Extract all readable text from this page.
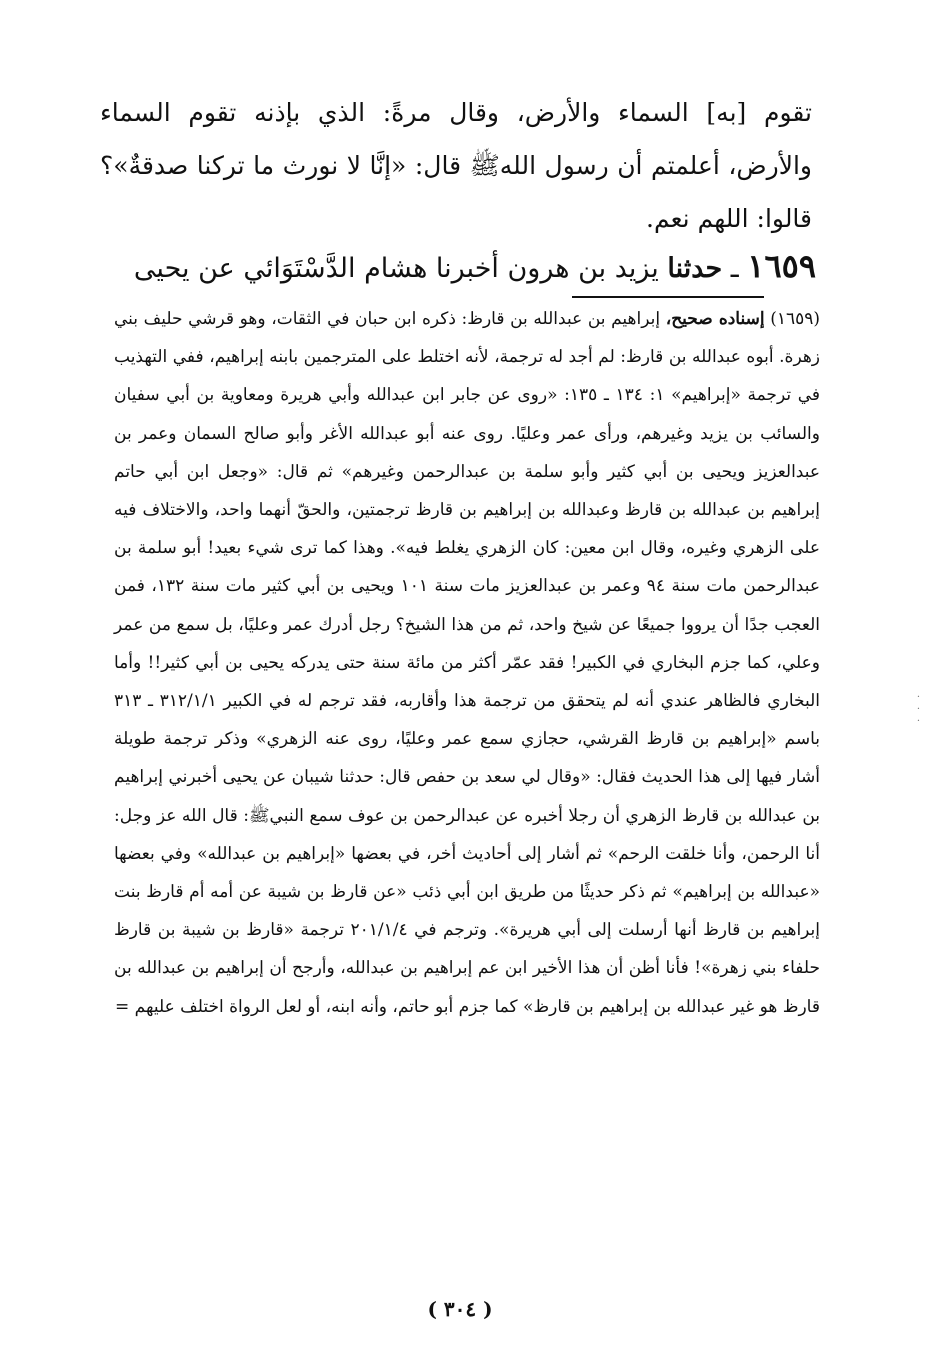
تقوم [به] السماء والأرض، وقال مرةً: الذي بإذنه تقوم السماء والأرض، أعلمتم أن رسول اللهﷺ قال: «إنَّا لا نورث ما تركنا صدقةٌ»؟ قالوا: اللهم نعم.

١٦٥٩ ـ حدثنا يزيد بن هرون أخبرنا هشام الدَّسْتَوَائي عن يحيى

(١٦٥٩) إسناده صحيح، إبراهيم بن عبدالله بن قارظ: ذكره ابن حبان في الثقات، وهو قرشي حليف بني زهرة. أبوه عبدالله بن قارظ: لم أجد له ترجمة، لأنه اختلط على المترجمين بابنه إبراهيم، ففي التهذيب في ترجمة «إبراهيم» ١: ١٣٤ ـ ١٣٥: «روى عن جابر ابن عبدالله وأبي هريرة ومعاوية بن أبي سفيان والسائب بن يزيد وغيرهم، ورأى عمر وعليًا. روى عنه أبو عبدالله الأغر وأبو صالح السمان وعمر بن عبدالعزيز ويحيى بن أبي كثير وأبو سلمة بن عبدالرحمن وغيرهم» ثم قال: «وجعل ابن أبي حاتم إبراهيم بن عبدالله بن قارظ وعبدالله بن إبراهيم بن قارظ ترجمتين، والحقّ أنهما واحد، والاختلاف فيه على الزهري وغيره، وقال ابن معين: كان الزهري يغلط فيه». وهذا كما ترى شيء بعيد! أبو سلمة بن عبدالرحمن مات سنة ٩٤ وعمر بن عبدالعزيز مات سنة ١٠١ ويحيى بن أبي كثير مات سنة ١٣٢، فمن العجب جدًا أن يرووا جميعًا عن شيخ واحد، ثم من هذا الشيخ؟ رجل أدرك عمر وعليًا، بل سمع من عمر وعلي، كما جزم البخاري في الكبير! فقد عمّر أكثر من مائة سنة حتى يدركه يحيى بن أبي كثير!! وأما البخاري فالظاهر عندي أنه لم يتحقق من ترجمة هذا وأقاربه، فقد ترجم له في الكبير ٣١٢/١/١ ـ ٣١٣ باسم «إبراهيم بن قارظ القرشي، حجازي سمع عمر وعليًا، روى عنه الزهري» وذكر ترجمة طويلة أشار فيها إلى هذا الحديث فقال: «وقال لي سعد بن حفص قال: حدثنا شيبان عن يحيى أخبرني إبراهيم بن عبدالله بن قارظ الزهري أن رجلا أخبره عن عبدالرحمن بن عوف سمع النبيﷺ: قال الله عز وجل: أنا الرحمن، وأنا خلقت الرحم» ثم أشار إلى أحاديث أخر، في بعضها «إبراهيم بن عبدالله» وفي بعضها «عبدالله بن إبراهيم» ثم ذكر حديثًا من طريق ابن أبي ذئب «عن قارظ بن شيبة عن أمه أم قارظ بنت إبراهيم بن قارظ أنها أرسلت إلى أبي هريرة». وترجم في ٢٠١/١/٤ ترجمة «قارظ بن شيبة بن قارظ حلفاء بني زهرة»! فأنا أظن أن هذا الأخير ابن عم إبراهيم بن عبدالله، وأرجح أن إبراهيم بن عبدالله بن قارظ هو غير عبدالله بن إبراهيم بن قارظ» كما جزم أبو حاتم، وأنه ابنه، أو لعل الرواة اختلف عليهم =

·
·
·
( ٣٠٤ )
